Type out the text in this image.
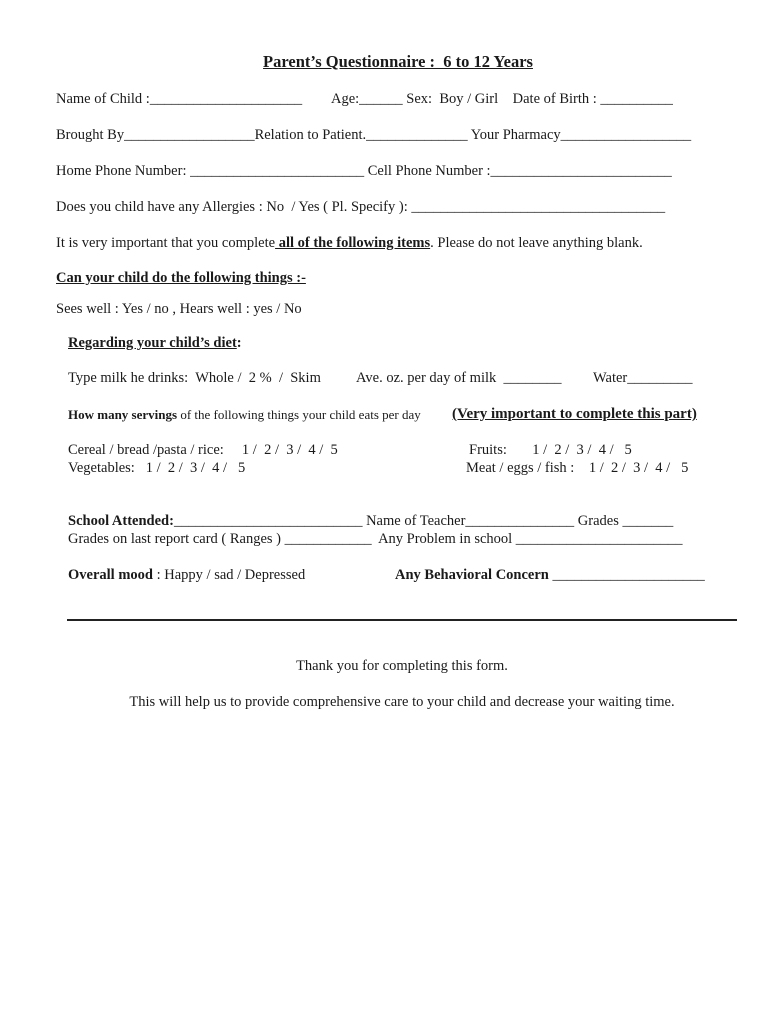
Parent’s Questionnaire :  6 to 12 Years
Name of Child :_____________________ Age:______ Sex:  Boy / Girl    Date of Birth : __________
Brought By__________________Relation to Patient.______________ Your Pharmacy__________________
Home Phone Number: ________________________ Cell Phone Number :_________________________
Does you child have any Allergies : No  / Yes ( Pl. Specify ): ___________________________________
It is very important that you complete all of the following items. Please do not leave anything blank.
Can your child do the following things :-
Sees well : Yes / no , Hears well : yes / No
Regarding your child’s diet:
Type milk he drinks:  Whole /  2 %  /  Skim Ave. oz. per day of milk  ________ Water_________
How many servings of the following things your child eats per day (Very important to complete this part)
Cereal / bread /pasta / rice:     1 /  2 /  3 /  4 /  5	Fruits:       1 /  2 /  3 /  4 /   5
Vegetables:   1 /  2 /  3 /  4 /   5	Meat / eggs / fish :    1 /  2 /  3 /  4 /   5
School Attended:__________________________ Name of Teacher_______________ Grades _______
Grades on last report card ( Ranges ) ____________  Any Problem in school _______________________
Overall mood : Happy / sad / Depressed	Any Behavioral Concern _____________________
Thank you for completing this form.
This will help us to provide comprehensive care to your child and decrease your waiting time.
